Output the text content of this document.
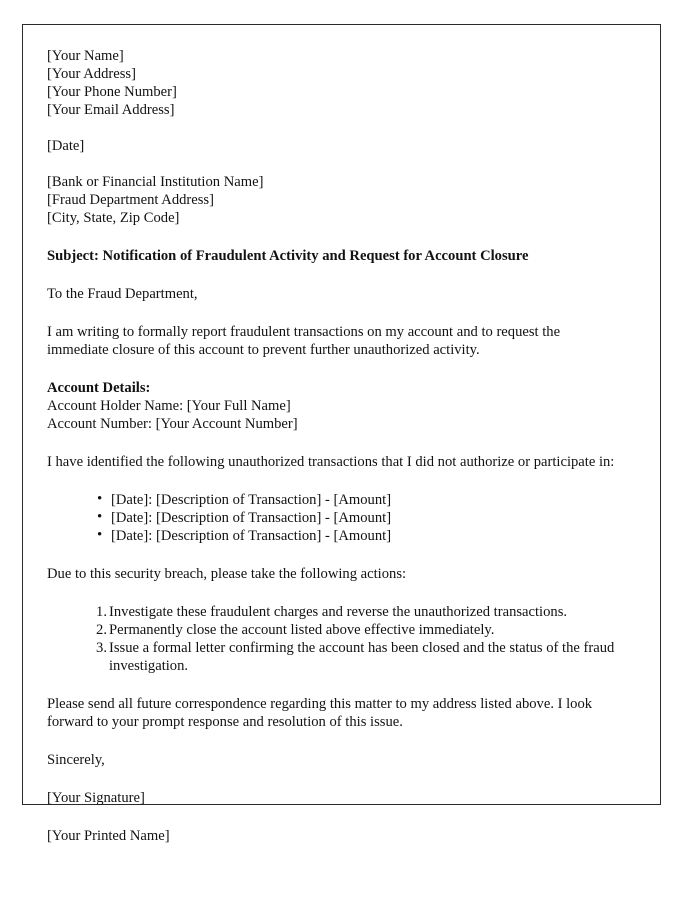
[Your Name]
[Your Address]
[Your Phone Number]
[Your Email Address]
[Date]
[Bank or Financial Institution Name]
[Fraud Department Address]
[City, State, Zip Code]
Subject: Notification of Fraudulent Activity and Request for Account Closure
To the Fraud Department,
I am writing to formally report fraudulent transactions on my account and to request the immediate closure of this account to prevent further unauthorized activity.
Account Details:
Account Holder Name: [Your Full Name]
Account Number: [Your Account Number]
I have identified the following unauthorized transactions that I did not authorize or participate in:
• [Date]: [Description of Transaction] - [Amount]
• [Date]: [Description of Transaction] - [Amount]
• [Date]: [Description of Transaction] - [Amount]
Due to this security breach, please take the following actions:
Investigate these fraudulent charges and reverse the unauthorized transactions.
Permanently close the account listed above effective immediately.
Issue a formal letter confirming the account has been closed and the status of the fraud investigation.
Please send all future correspondence regarding this matter to my address listed above. I look forward to your prompt response and resolution of this issue.
Sincerely,
[Your Signature]
[Your Printed Name]
